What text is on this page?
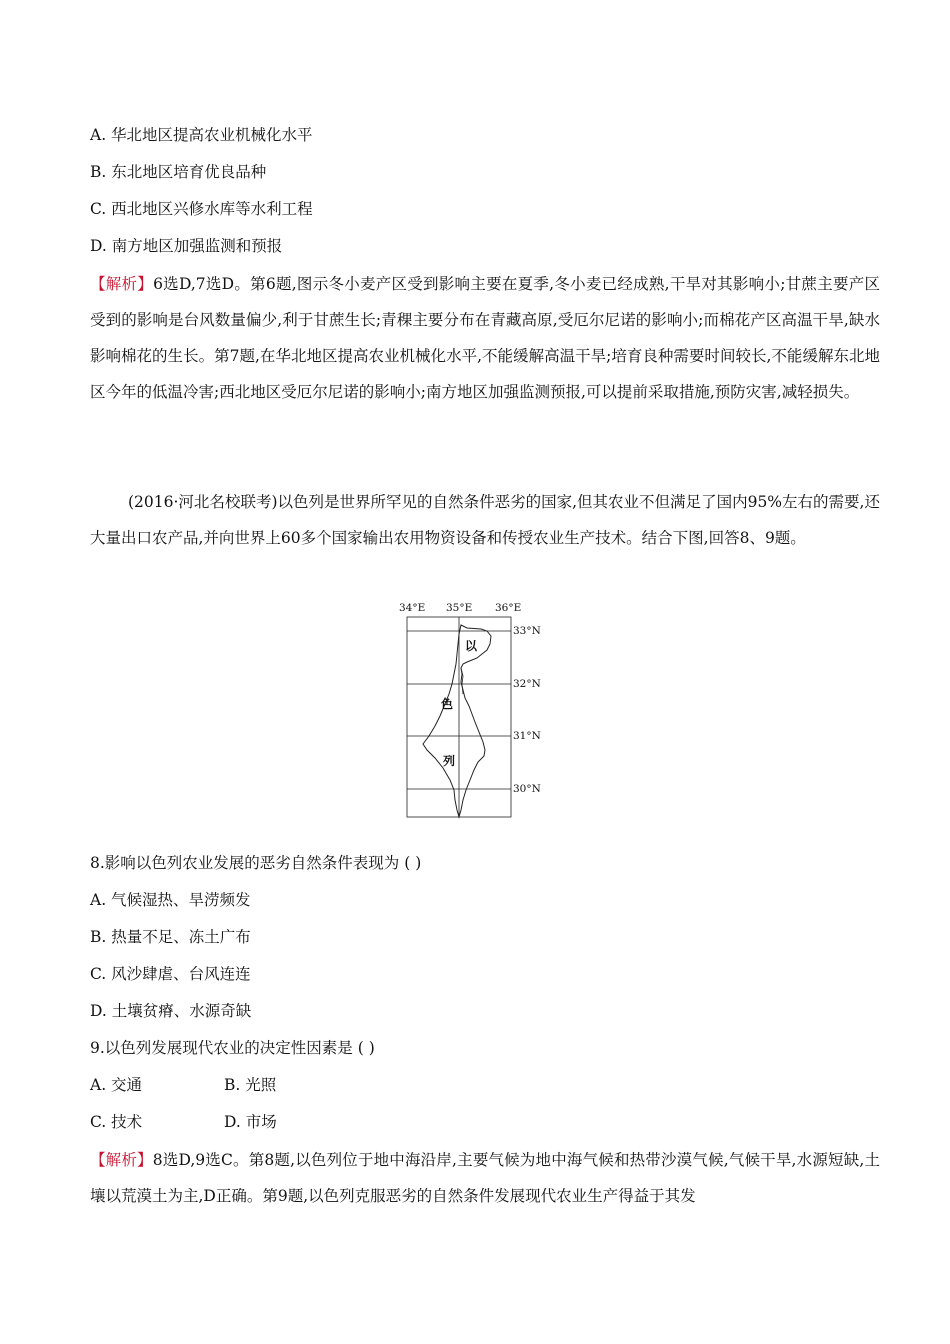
A. 华北地区提高农业机械化水平
B. 东北地区培育优良品种
C. 西北地区兴修水库等水利工程
D. 南方地区加强监测和预报
【解析】6选D,7选D。第6题,图示冬小麦产区受到影响主要在夏季,冬小麦已经成熟,干旱对其影响小;甘蔗主要产区受到的影响是台风数量偏少,利于甘蔗生长;青稞主要分布在青藏高原,受厄尔尼诺的影响小;而棉花产区高温干旱,缺水影响棉花的生长。第7题,在华北地区提高农业机械化水平,不能缓解高温干旱;培育良种需要时间较长,不能缓解东北地区今年的低温冷害;西北地区受厄尔尼诺的影响小;南方地区加强监测预报,可以提前采取措施,预防灾害,减轻损失。
(2016·河北名校联考)以色列是世界所罕见的自然条件恶劣的国家,但其农业不但满足了国内95%左右的需要,还大量出口农产品,并向世界上60多个国家输出农用物资设备和传授农业生产技术。结合下图,回答8、9题。
34°E 35°E 36°E
33°N
32°N
31°N
30°N
以
色
列
8.影响以色列农业发展的恶劣自然条件表现为 ( )
A. 气候湿热、旱涝频发
B. 热量不足、冻土广布
C. 风沙肆虐、台风连连
D. 土壤贫瘠、水源奇缺
9.以色列发展现代农业的决定性因素是 ( )
A. 交通	B. 光照
C. 技术	D. 市场
【解析】8选D,9选C。第8题,以色列位于地中海沿岸,主要气候为地中海气候和热带沙漠气候,气候干旱,水源短缺,土壤以荒漠土为主,D正确。第9题,以色列克服恶劣的自然条件发展现代农业生产得益于其发
